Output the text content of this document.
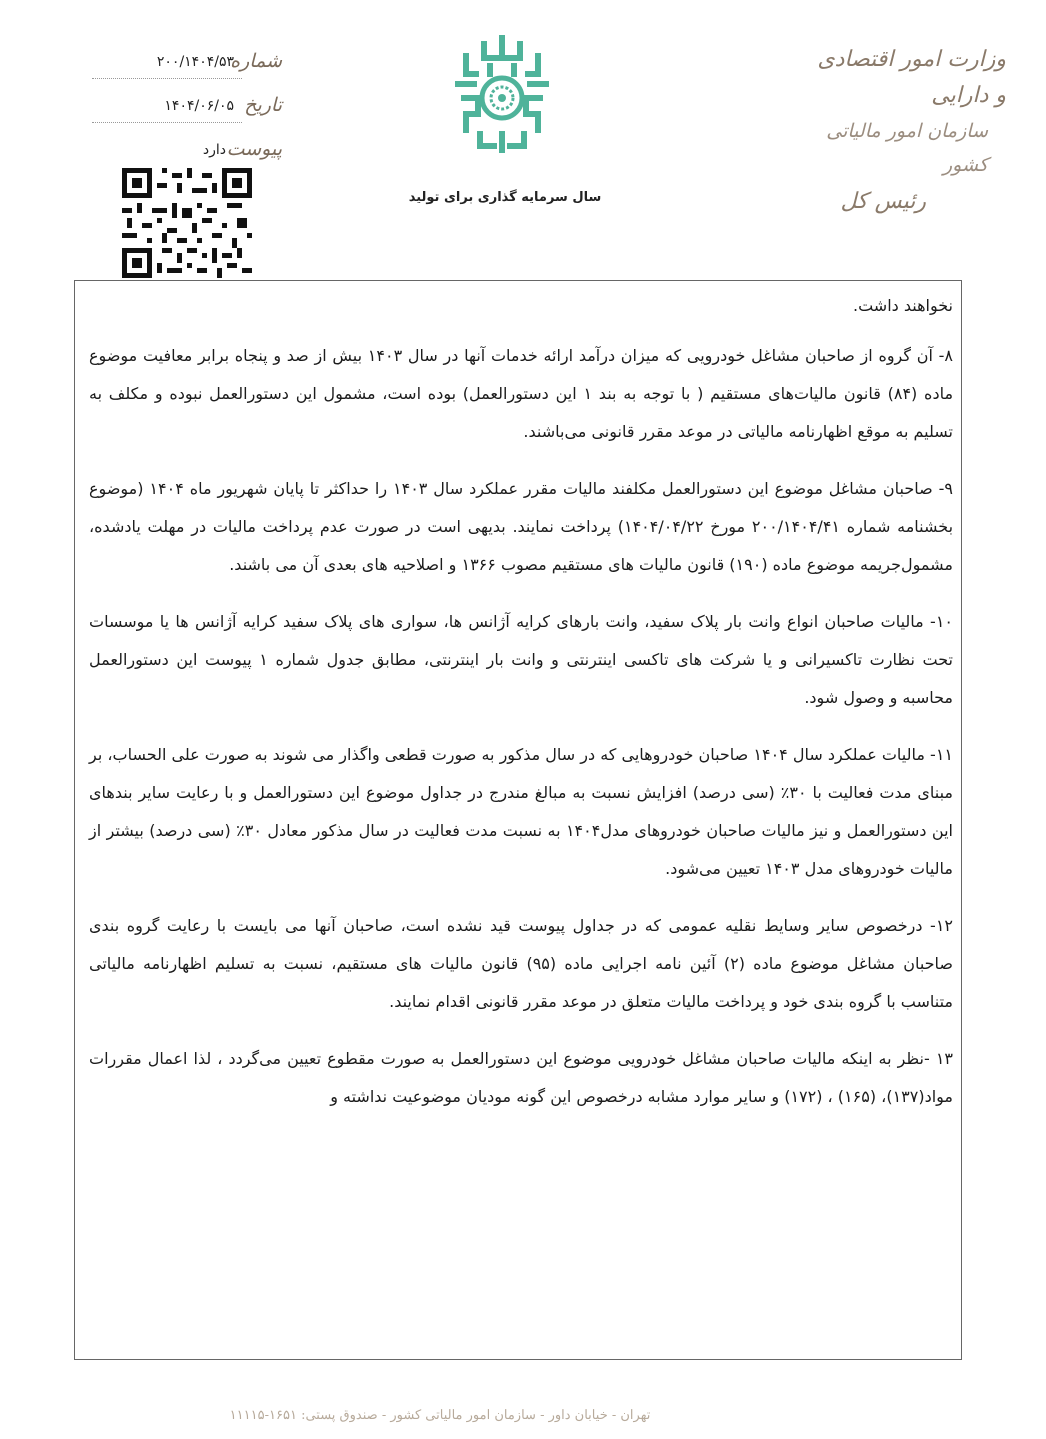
وزارت امور اقتصادی و دارایی
سازمان امور مالیاتی کشور
رئیس کل
سال سرمایه گذاری برای تولید
شماره
۲۰۰/۱۴۰۴/۵۳
تاریخ
۱۴۰۴/۰۶/۰۵
پیوست
دارد

نخواهند داشت.

۸- آن گروه از صاحبان مشاغل خودرویی که میزان درآمد ارائه خدمات آنها در سال ۱۴۰۳ بیش از صد و پنجاه برابر معافیت موضوع ماده (۸۴) قانون مالیات‌های مستقیم ( با توجه به بند ۱ این دستورالعمل) بوده است، مشمول این دستورالعمل نبوده و مکلف به تسلیم به موقع اظهارنامه مالیاتی در موعد مقرر قانونی می‌باشند.

۹- صاحبان مشاغل موضوع این دستورالعمل مکلفند مالیات مقرر عملکرد سال ۱۴۰۳ را حداکثر تا پایان شهریور ماه ۱۴۰۴ (موضوع بخشنامه شماره ۲۰۰/۱۴۰۴/۴۱ مورخ ۱۴۰۴/۰۴/۲۲) پرداخت نمایند. بدیهی است در صورت عدم پرداخت مالیات در مهلت یادشده، مشمول‌جریمه موضوع ماده (۱۹۰) قانون مالیات های مستقیم مصوب ۱۳۶۶ و اصلاحیه های بعدی آن می باشند.

۱۰- مالیات صاحبان انواع وانت بار پلاک سفید، وانت بارهای کرایه آژانس ها، سواری های پلاک سفید کرایه آژانس ها یا موسسات تحت نظارت تاکسیرانی و یا شرکت های تاکسی اینترنتی و وانت بار اینترنتی، مطابق جدول شماره ۱ پیوست این دستورالعمل محاسبه و وصول شود.

۱۱- مالیات عملکرد سال ۱۴۰۴ صاحبان خودروهایی که در سال مذکور به صورت قطعی واگذار می شوند به صورت علی الحساب، بر مبنای مدت فعالیت با ۳۰٪ (سی درصد) افزایش نسبت به مبالغ مندرج در جداول موضوع این دستورالعمل و با رعایت سایر بندهای این دستورالعمل و نیز مالیات صاحبان خودروهای مدل۱۴۰۴ به نسبت مدت فعالیت در سال مذکور معادل ۳۰٪ (سی درصد) بیشتر از مالیات خودروهای مدل ۱۴۰۳ تعیین می‌شود.

۱۲- درخصوص سایر وسایط نقلیه عمومی که در جداول پیوست قید نشده است، صاحبان آنها می بایست با رعایت گروه بندی صاحبان مشاغل موضوع ماده (۲) آئین نامه اجرایی ماده (۹۵) قانون مالیات های مستقیم، نسبت به تسلیم اظهارنامه مالیاتی متناسب با گروه بندی خود و پرداخت مالیات متعلق در موعد مقرر قانونی اقدام نمایند.

۱۳ -نظر به اینکه مالیات صاحبان مشاغل خودرویی موضوع این دستورالعمل به صورت مقطوع تعیین می‌گردد ، لذا اعمال مقررات مواد(۱۳۷)، (۱۶۵) ، (۱۷۲) و سایر موارد مشابه درخصوص این گونه مودیان موضوعیت نداشته و

تهران - خیابان داور - سازمان امور مالیاتی کشور - صندوق پستی: ۱۶۵۱-۱۱۱۱۵
